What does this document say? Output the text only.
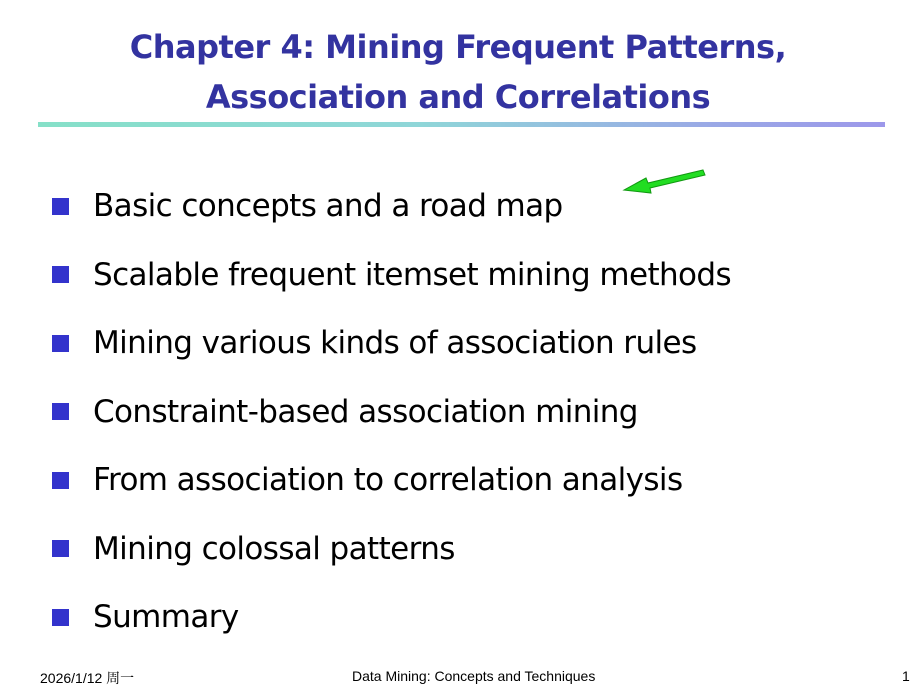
Chapter 4: Mining Frequent Patterns,
Association and Correlations
Basic concepts and a road map
Scalable frequent itemset mining methods
Mining various kinds of association rules
Constraint-based association mining
From association to correlation analysis
Mining colossal patterns
Summary
2026/1/12 周一	Data Mining: Concepts and Techniques	1
